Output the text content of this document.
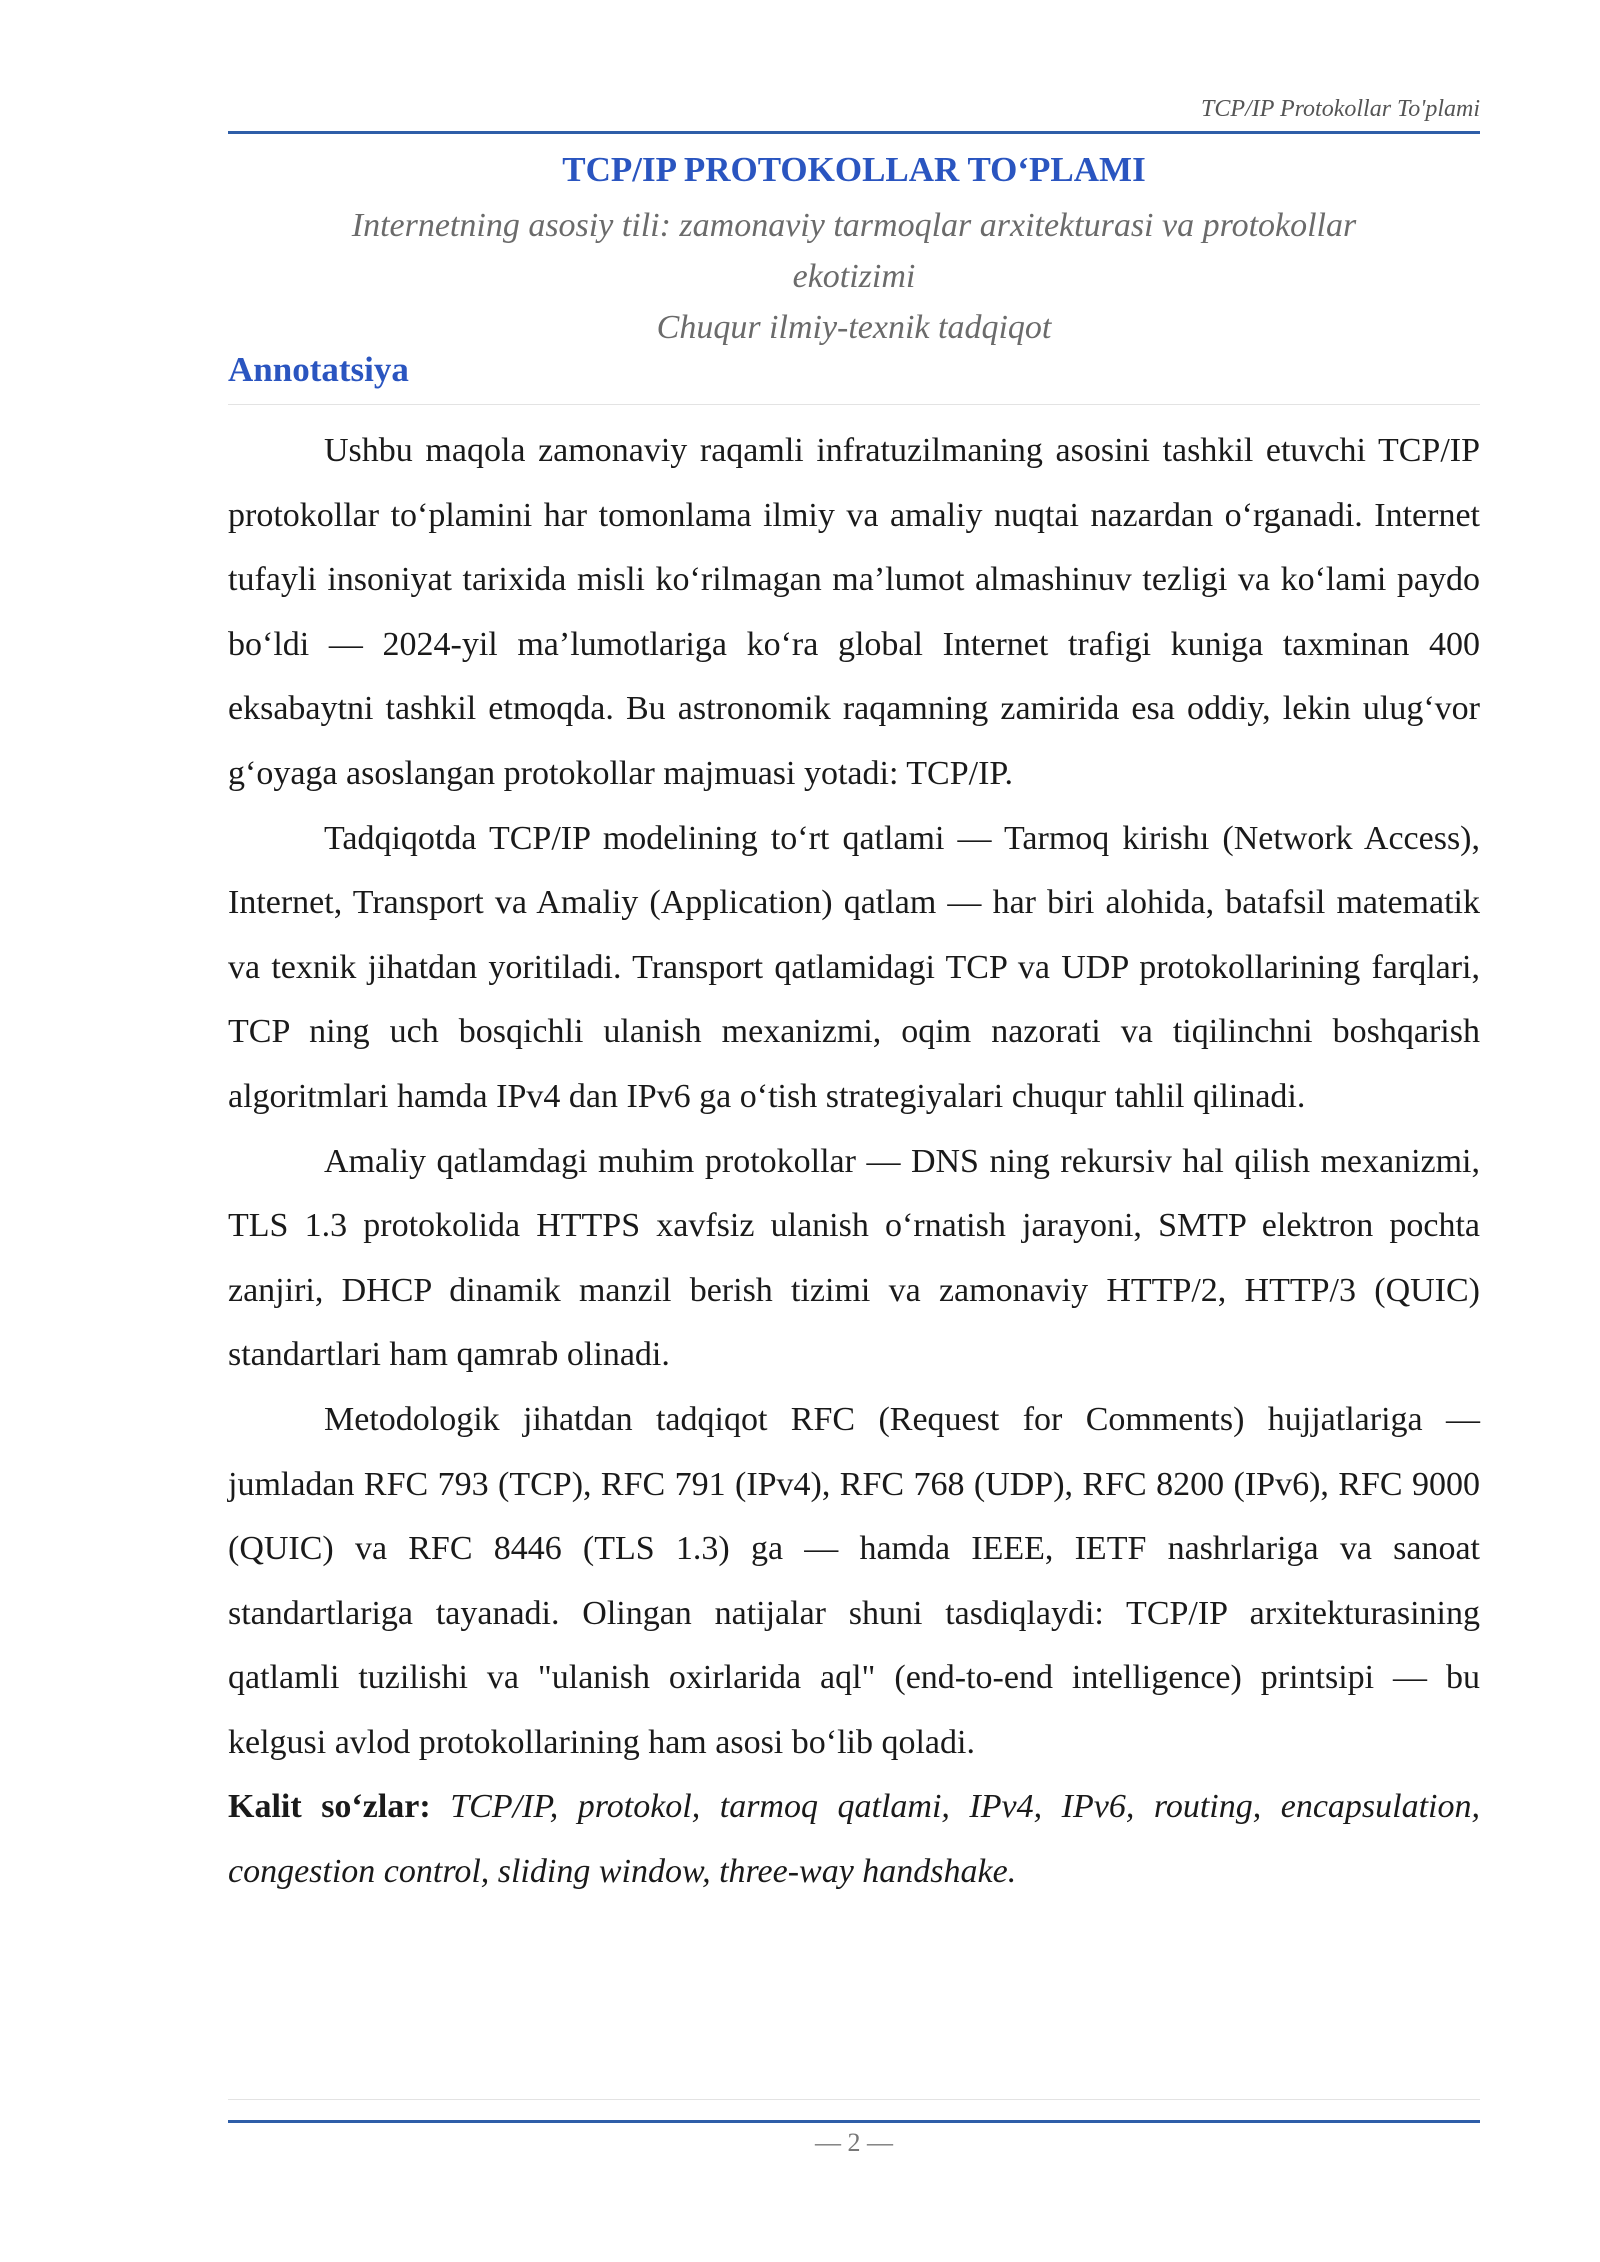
TCP/IP Protokollar To'plami
TCP/IP PROTOKOLLAR TO‘PLAMI
Internetning asosiy tili: zamonaviy tarmoqlar arxitekturasi va protokollar
ekotizimi
Chuqur ilmiy-texnik tadqiqot
Annotatsiya

Ushbu maqola zamonaviy raqamli infratuzilmaning asosini tashkil etuvchi TCP/IP protokollar to‘plamini har tomonlama ilmiy va amaliy nuqtai nazardan o‘rganadi. Internet tufayli insoniyat tarixida misli ko‘rilmagan ma’lumot almashinuv tezligi va ko‘lami paydo bo‘ldi — 2024-yil ma’lumotlariga ko‘ra global Internet trafigi kuniga taxminan 400 eksabaytni tashkil etmoqda. Bu astronomik raqamning zamirida esa oddiy, lekin ulug‘vor g‘oyaga asoslangan protokollar majmuasi yotadi: TCP/IP.

Tadqiqotda TCP/IP modelining to‘rt qatlami — Tarmoq kirishı (Network Access), Internet, Transport va Amaliy (Application) qatlam — har biri alohida, batafsil matematik va texnik jihatdan yoritiladi. Transport qatlamidagi TCP va UDP protokollarining farqlari, TCP ning uch bosqichli ulanish mexanizmi, oqim nazorati va tiqilinchni boshqarish algoritmlari hamda IPv4 dan IPv6 ga o‘tish strategiyalari chuqur tahlil qilinadi.

Amaliy qatlamdagi muhim protokollar — DNS ning rekursiv hal qilish mexanizmi, TLS 1.3 protokolida HTTPS xavfsiz ulanish o‘rnatish jarayoni, SMTP elektron pochta zanjiri, DHCP dinamik manzil berish tizimi va zamonaviy HTTP/2, HTTP/3 (QUIC) standartlari ham qamrab olinadi.

Metodologik jihatdan tadqiqot RFC (Request for Comments) hujjatlariga — jumladan RFC 793 (TCP), RFC 791 (IPv4), RFC 768 (UDP), RFC 8200 (IPv6), RFC 9000 (QUIC) va RFC 8446 (TLS 1.3) ga — hamda IEEE, IETF nashrlariga va sanoat standartlariga tayanadi. Olingan natijalar shuni tasdiqlaydi: TCP/IP arxitekturasining qatlamli tuzilishi va "ulanish oxirlarida aql" (end-to-end intelligence) printsipi — bu kelgusi avlod protokollarining ham asosi bo‘lib qoladi.

Kalit so‘zlar: TCP/IP, protokol, tarmoq qatlami, IPv4, IPv6, routing, encapsulation, congestion control, sliding window, three-way handshake.

— 2 —
